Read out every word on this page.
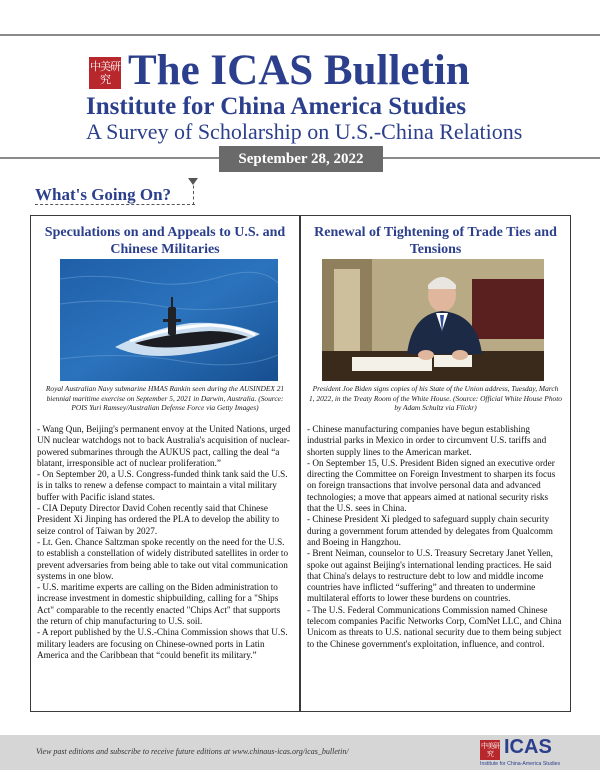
中美研究 The ICAS Bulletin
Institute for China America Studies
A Survey of Scholarship on U.S.-China Relations
September 28, 2022
What's Going On?
Speculations on and Appeals to U.S. and Chinese Militaries

Royal Australian Navy submarine HMAS Rankin seen during the AUSINDEX 21 biennial maritime exercise on September 5, 2021 in Darwin, Australia. (Source: POIS Yuri Ramsey/Australian Defense Force via Getty Images)

- Wang Qun, Beijing's permanent envoy at the United Nations, urged UN nuclear watchdogs not to back Australia's acquisition of nuclear-powered submarines through the AUKUS pact, calling the deal “a blatant, irresponsible act of nuclear proliferation.”

- On September 20, a U.S. Congress-funded think tank said the U.S. is in talks to renew a defense compact to maintain a vital military buffer with Pacific island states.

- CIA Deputy Director David Cohen recently said that Chinese President Xi Jinping has ordered the PLA to develop the ability to seize control of Taiwan by 2027.

- Lt. Gen. Chance Saltzman spoke recently on the need for the U.S. to establish a constellation of widely distributed satellites in order to prevent adversaries from being able to take out vital communication systems in one blow.

- U.S. maritime experts are calling on the Biden administration to increase investment in domestic shipbuilding, calling for a "Ships Act" comparable to the recently enacted "Chips Act" that supports the return of chip manufacturing to U.S. soil.

- A report published by the U.S.-China Commission shows that U.S. military leaders are focusing on Chinese-owned ports in Latin America and the Caribbean that “could benefit its military.”

Renewal of Tightening of Trade Ties and Tensions

President Joe Biden signs copies of his State of the Union address, Tuesday, March 1, 2022, in the Treaty Room of the White House. (Source: Official White House Photo by Adam Schultz via Flickr)

- Chinese manufacturing companies have begun establishing industrial parks in Mexico in order to circumvent U.S. tariffs and shorten supply lines to the American market.

- On September 15, U.S. President Biden signed an executive order directing the Committee on Foreign Investment to sharpen its focus on foreign transactions that involve personal data and advanced technologies; a move that appears aimed at national security risks that the U.S. sees in China.

- Chinese President Xi pledged to safeguard supply chain security during a government forum attended by delegates from Qualcomm and Boeing in Hangzhou.

- Brent Neiman, counselor to U.S. Treasury Secretary Janet Yellen, spoke out against Beijing's international lending practices. He said that China's delays to restructure debt to low and middle income countries have inflicted “suffering” and threaten to undermine multilateral efforts to lower these burdens on countries.

- The U.S. Federal Communications Commission named Chinese telecom companies Pacific Networks Corp, ComNet LLC, and China Unicom as threats to U.S. national security due to them being subject to the Chinese government's exploitation, influence, and control.

View past editions and subscribe to receive future editions at www.chinaus-icas.org/icas_bulletin/

中美研究 ICAS

Institute for China-America Studies
